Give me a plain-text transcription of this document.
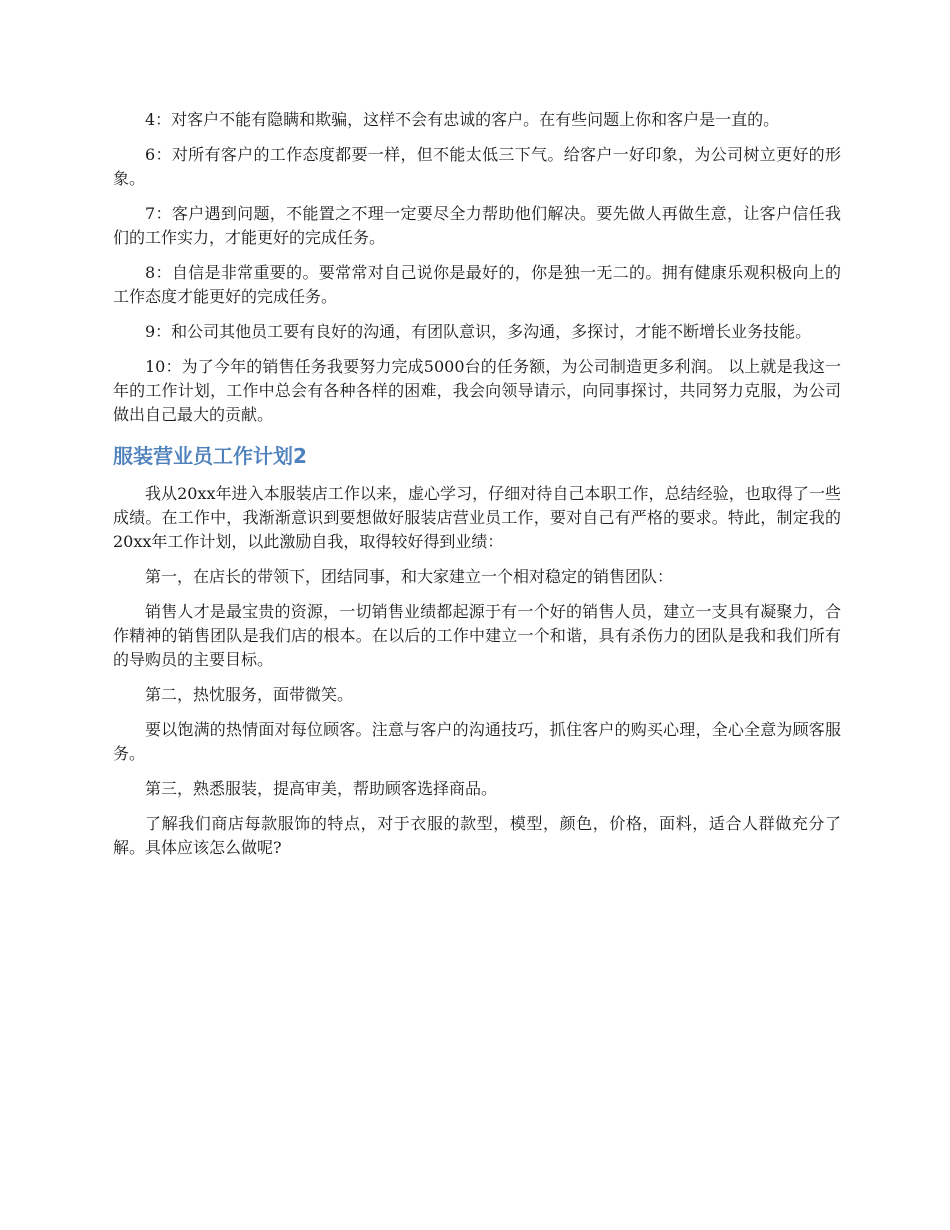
4：对客户不能有隐瞒和欺骗，这样不会有忠诚的客户。在有些问题上你和客户是一直的。

6：对所有客户的工作态度都要一样，但不能太低三下气。给客户一好印象，为公司树立更好的形象。

7：客户遇到问题，不能置之不理一定要尽全力帮助他们解决。要先做人再做生意，让客户信任我们的工作实力，才能更好的完成任务。

8：自信是非常重要的。要常常对自己说你是最好的，你是独一无二的。拥有健康乐观积极向上的工作态度才能更好的完成任务。

9：和公司其他员工要有良好的沟通，有团队意识，多沟通，多探讨，才能不断增长业务技能。

10：为了今年的销售任务我要努力完成5000台的任务额，为公司制造更多利润。 以上就是我这一年的工作计划，工作中总会有各种各样的困难，我会向领导请示，向同事探讨，共同努力克服，为公司做出自己最大的贡献。

服装营业员工作计划2

我从20xx年进入本服装店工作以来，虚心学习，仔细对待自己本职工作，总结经验，也取得了一些成绩。在工作中，我渐渐意识到要想做好服装店营业员工作，要对自己有严格的要求。特此，制定我的20xx年工作计划，以此激励自我，取得较好得到业绩：

第一，在店长的带领下，团结同事，和大家建立一个相对稳定的销售团队：

销售人才是最宝贵的资源，一切销售业绩都起源于有一个好的销售人员，建立一支具有凝聚力，合作精神的销售团队是我们店的根本。在以后的工作中建立一个和谐，具有杀伤力的团队是我和我们所有的导购员的主要目标。

第二，热忱服务，面带微笑。

要以饱满的热情面对每位顾客。注意与客户的沟通技巧，抓住客户的购买心理，全心全意为顾客服务。

第三，熟悉服装，提高审美，帮助顾客选择商品。

了解我们商店每款服饰的特点，对于衣服的款型，模型，颜色，价格，面料，适合人群做充分了解。具体应该怎么做呢?
